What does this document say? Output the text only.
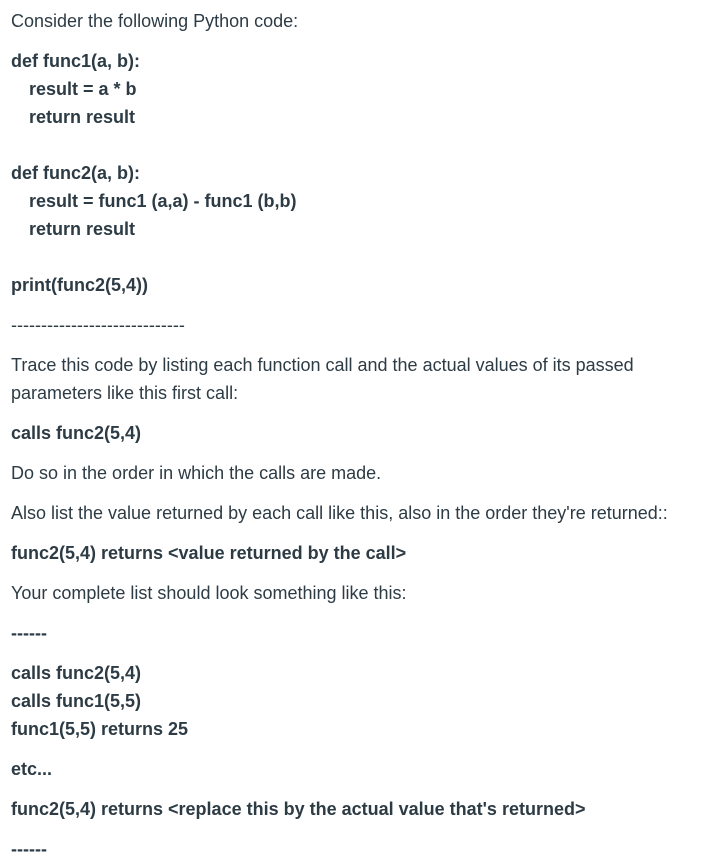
Consider the following Python code:

def func1(a, b):

result = a * b

return result

def func2(a, b):

result = func1 (a,a) - func1 (b,b)

return result

print(func2(5,4))

-----------------------------

Trace this code by listing each function call and the actual values of its passed

parameters like this first call:

calls func2(5,4)

Do so in the order in which the calls are made.

Also list the value returned by each call like this, also in the order they're returned::

func2(5,4) returns <value returned by the call>

Your complete list should look something like this:

------

calls func2(5,4)

calls func1(5,5)

func1(5,5) returns 25

etc...

func2(5,4) returns <replace this by the actual value that's returned>

------
